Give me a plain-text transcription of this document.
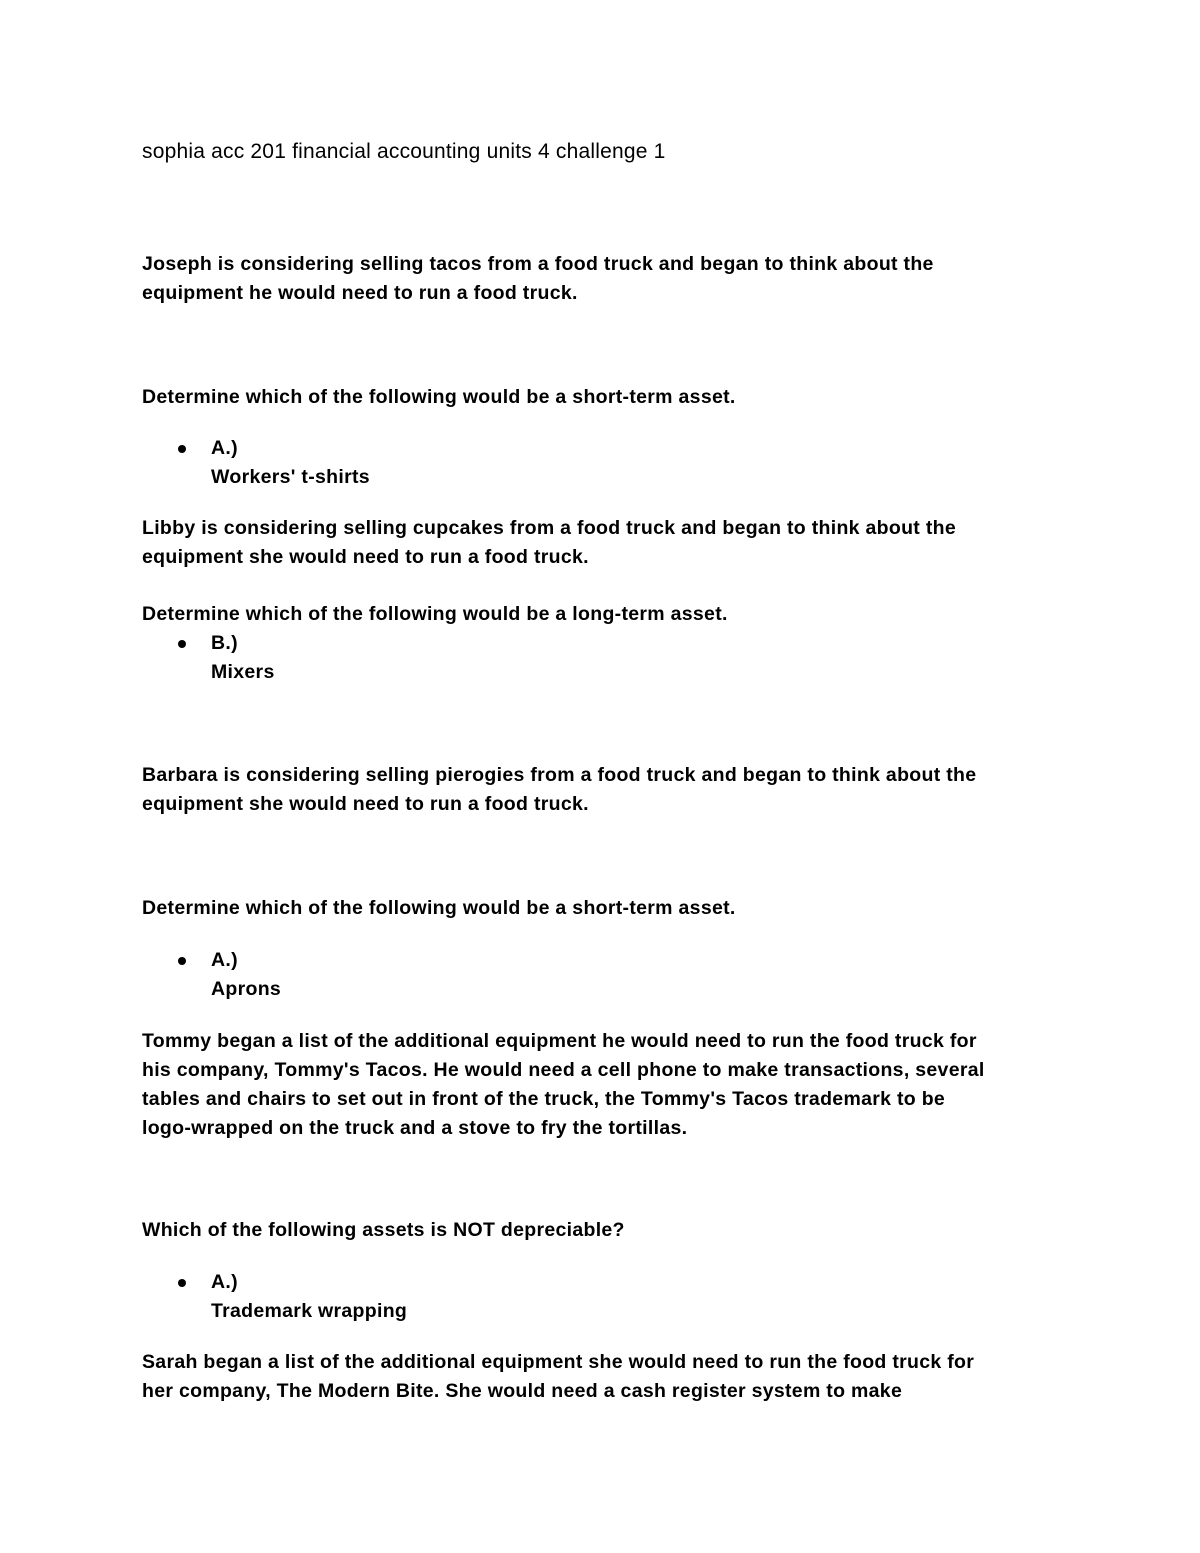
sophia acc 201 financial accounting units 4 challenge 1
Joseph is considering selling tacos from a food truck and began to think about the
equipment he would need to run a food truck.
Determine which of the following would be a short-term asset.
A.)
Workers' t-shirts
Libby is considering selling cupcakes from a food truck and began to think about the
equipment she would need to run a food truck.
Determine which of the following would be a long-term asset.
B.)
Mixers
Barbara is considering selling pierogies from a food truck and began to think about the
equipment she would need to run a food truck.
Determine which of the following would be a short-term asset.
A.)
Aprons
Tommy began a list of the additional equipment he would need to run the food truck for
his company, Tommy's Tacos. He would need a cell phone to make transactions, several
tables and chairs to set out in front of the truck, the Tommy's Tacos trademark to be
logo-wrapped on the truck and a stove to fry the tortillas.
Which of the following assets is NOT depreciable?
A.)
Trademark wrapping
Sarah began a list of the additional equipment she would need to run the food truck for
her company, The Modern Bite. She would need a cash register system to make
